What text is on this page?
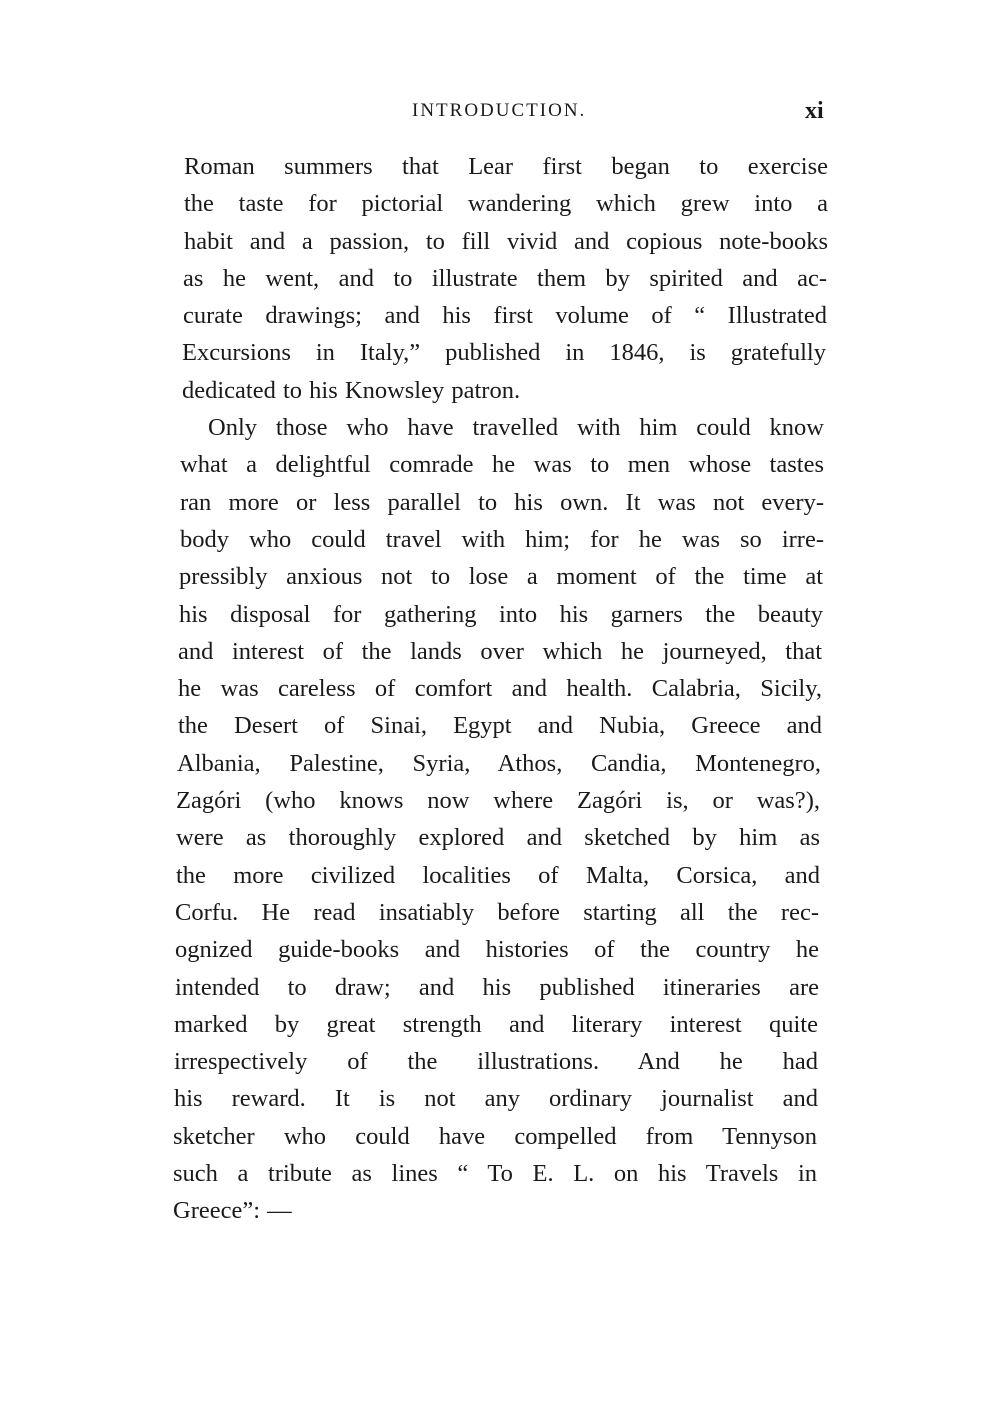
INTRODUCTION.	xi
Roman summers that Lear first began to exercise
the taste for pictorial wandering which grew into a
habit and a passion, to fill vivid and copious note-books
as he went, and to illustrate them by spirited and ac-
curate drawings; and his first volume of “ Illustrated
Excursions in Italy,” published in 1846, is gratefully
dedicated to his Knowsley patron.
Only those who have travelled with him could know
what a delightful comrade he was to men whose tastes
ran more or less parallel to his own. It was not every-
body who could travel with him; for he was so irre-
pressibly anxious not to lose a moment of the time at
his disposal for gathering into his garners the beauty
and interest of the lands over which he journeyed, that
he was careless of comfort and health. Calabria, Sicily,
the Desert of Sinai, Egypt and Nubia, Greece and
Albania, Palestine, Syria, Athos, Candia, Montenegro,
Zagóri (who knows now where Zagóri is, or was?),
were as thoroughly explored and sketched by him as
the more civilized localities of Malta, Corsica, and
Corfu. He read insatiably before starting all the rec-
ognized guide-books and histories of the country he
intended to draw; and his published itineraries are
marked by great strength and literary interest quite
irrespectively of the illustrations. And he had
his reward. It is not any ordinary journalist and
sketcher who could have compelled from Tennyson
such a tribute as lines “ To E. L. on his Travels in
Greece”: —
